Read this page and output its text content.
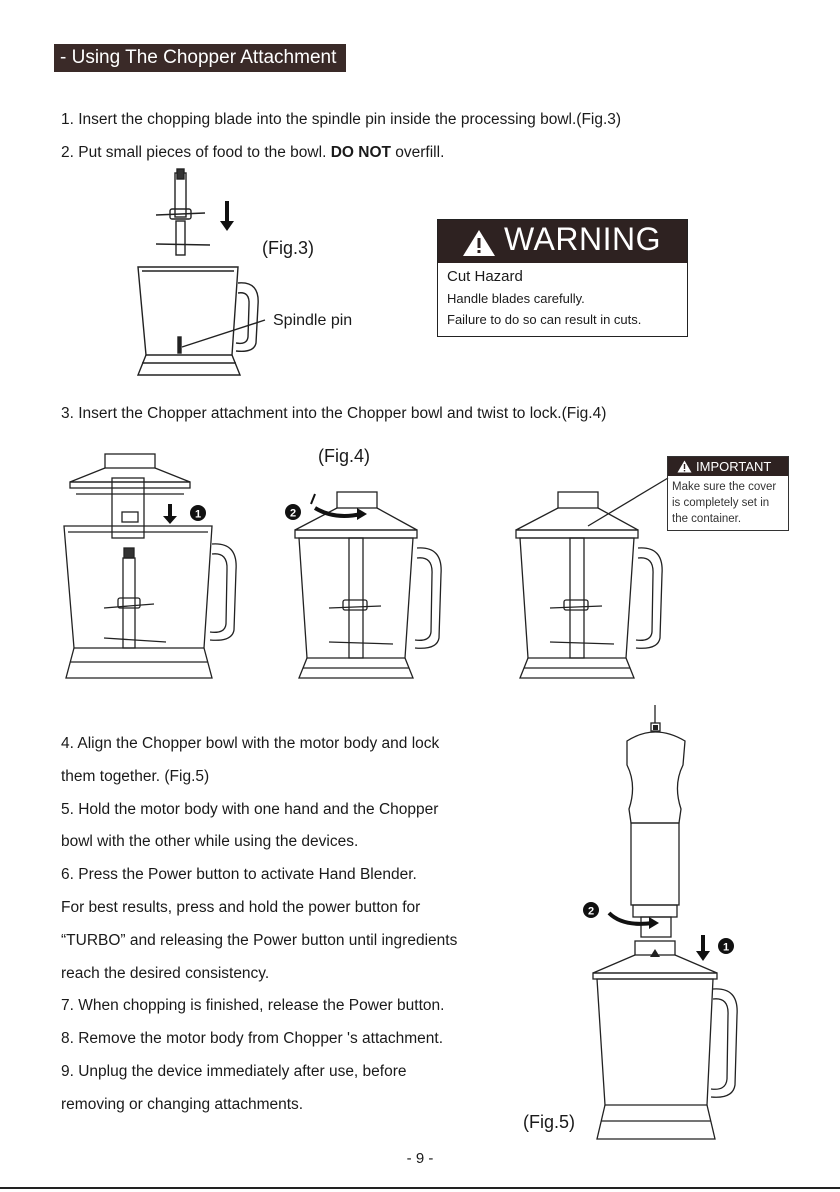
- Using The Chopper Attachment
1. Insert the chopping blade into the spindle pin inside the processing bowl.(Fig.3)
2. Put small pieces of food to the bowl. DO NOT overfill.
(Fig.3)
Spindle pin
WARNING
Cut Hazard
Handle blades carefully.
Failure to do so can result in cuts.
3. Insert the Chopper attachment into the Chopper bowl and twist to lock.(Fig.4)
(Fig.4)
1	2
IMPORTANT
Make sure the cover
is completely set in
the container.
4. Align the Chopper bowl with the motor body and lock
them together. (Fig.5)
5. Hold the motor body with one hand and the Chopper
bowl with the other while using the devices.
6. Press the Power button to activate Hand Blender.
For best results, press and hold the power button for
“TURBO” and releasing the Power button until ingredients
reach the desired consistency.
7. When chopping is finished, release the Power button.
8. Remove the motor body from Chopper 's attachment.
9. Unplug the device immediately after use, before
removing or changing attachments.
1
2
(Fig.5)
- 9 -
